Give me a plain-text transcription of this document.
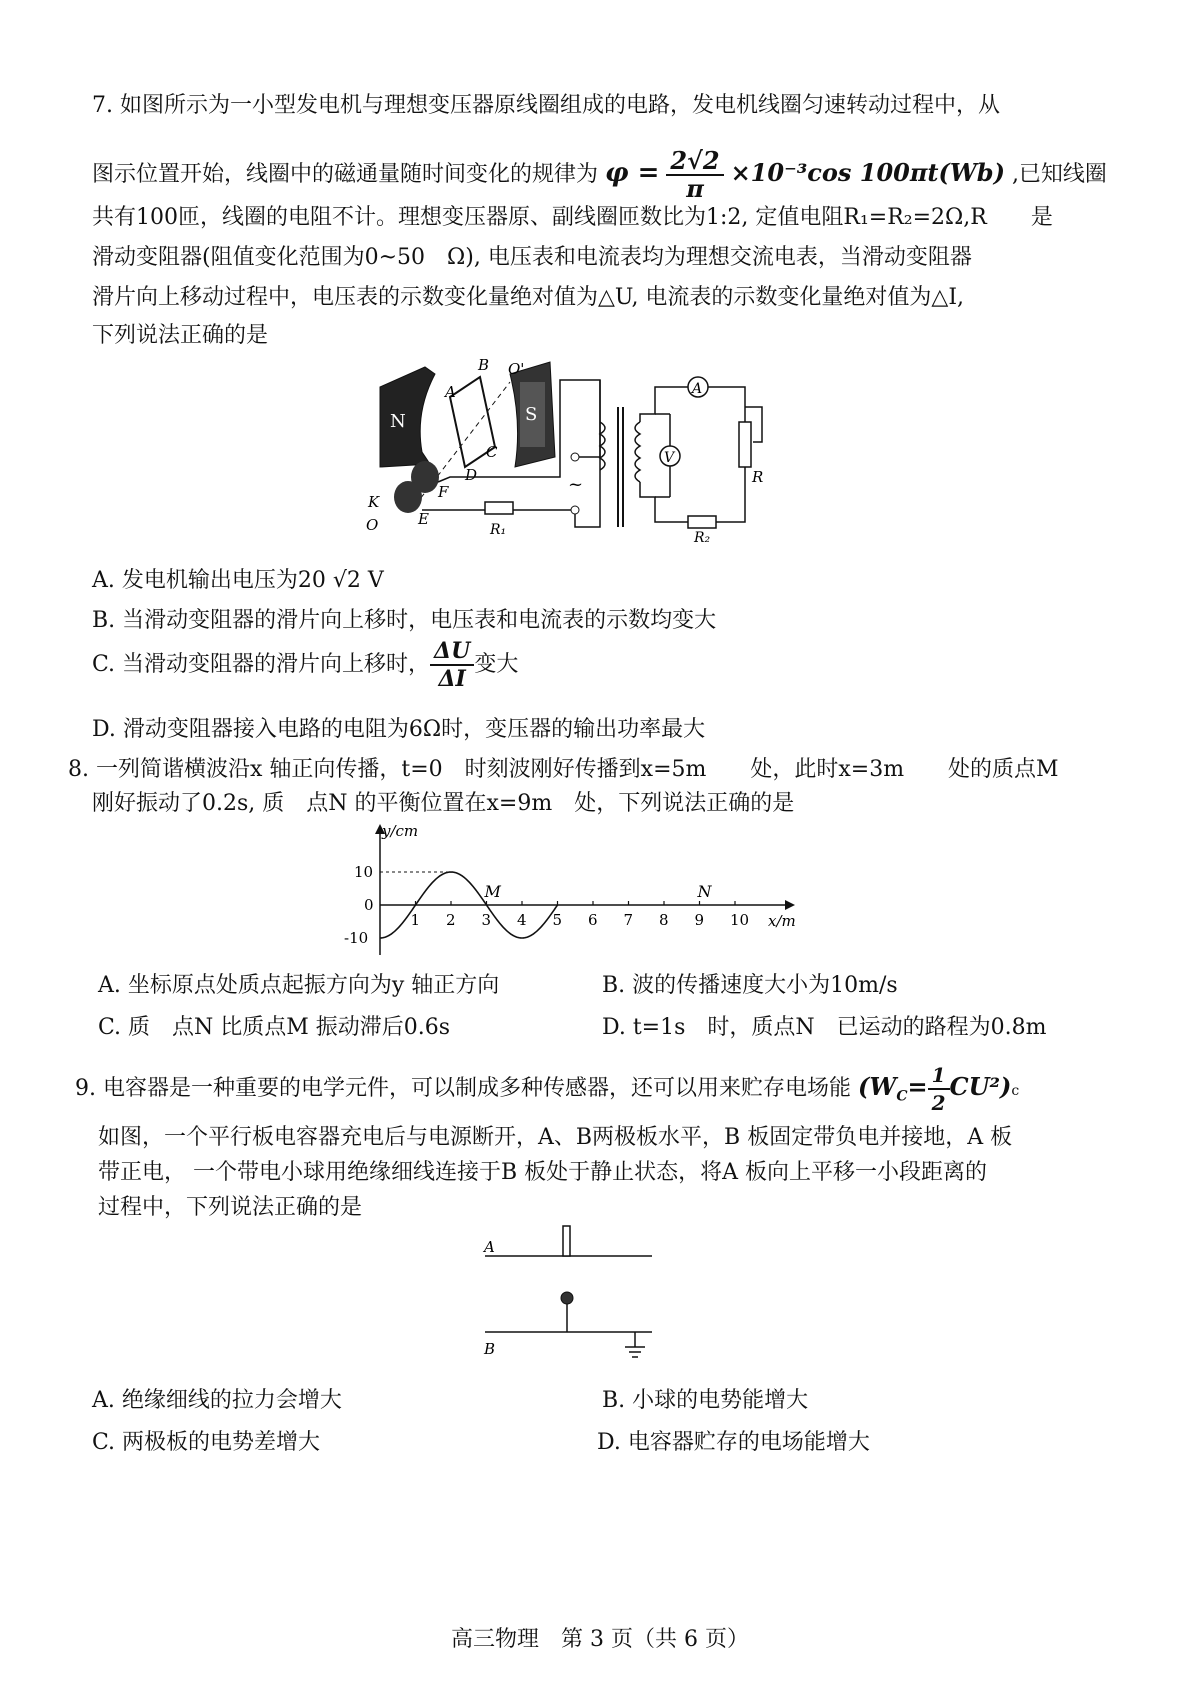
7. 如图所示为一小型发电机与理想变压器原线圈组成的电路，发电机线圈匀速转动过程中，从
图示位置开始，线圈中的磁通量随时间变化的规律为 $\varphi = \frac{2√2}{\pi} \times 10^{-3}\cos$ 100πt(Wb) ,已知线圈
共有100匝，线圈的电阻不计。理想变压器原、副线圈匝数比为1:2, 定值电阻R₁=R₂=2Ω,R　　是
滑动变阻器(阻值变化范围为0~50　Ω), 电压表和电流表均为理想交流电表，当滑动变阻器
滑片向上移动过程中，电压表的示数变化量绝对值为△U, 电流表的示数变化量绝对值为△I,
下列说法正确的是
N	S
A
B
C
D
O'
F
E
K
O	R₁
~
A
V
R
R₂
A. 发电机输出电压为20 √2 V
B. 当滑动变阻器的滑片向上移时，电压表和电流表的示数均变大
C. 当滑动变阻器的滑片向上移时， $\frac{\Delta U}{\Delta I}$ 变大
D. 滑动变阻器接入电路的电阻为6Ω时，变压器的输出功率最大
8. 一列简谐横波沿x 轴正向传播，t=0　时刻波刚好传播到x=5m　　处，此时x=3m　　处的质点M
刚好振动了0.2s, 质　点N 的平衡位置在x=9m　处，下列说法正确的是
y/cm
x/m
1 2 3 4 5 6 7 8 9 10
10
0
-10
M	N
A. 坐标原点处质点起振方向为y 轴正方向	B. 波的传播速度大小为10m/s
C. 质　点N 比质点M 振动滞后0.6s	D. t=1s　时，质点N　已运动的路程为0.8m
9. 电容器是一种重要的电学元件，可以制成多种传感器，还可以用来贮存电场能 $(W_C= \frac{1}{2} CU^2)c$
如图，一个平行板电容器充电后与电源断开，A、B两极板水平，B 板固定带负电并接地，A 板
带正电， 一个带电小球用绝缘细线连接于B 板处于静止状态，将A 板向上平移一小段距离的
过程中，下列说法正确的是
A
B
A. 绝缘细线的拉力会增大	B. 小球的电势能增大
C. 两极板的电势差增大	D. 电容器贮存的电场能增大
高三物理　第 3 页（共 6 页）
